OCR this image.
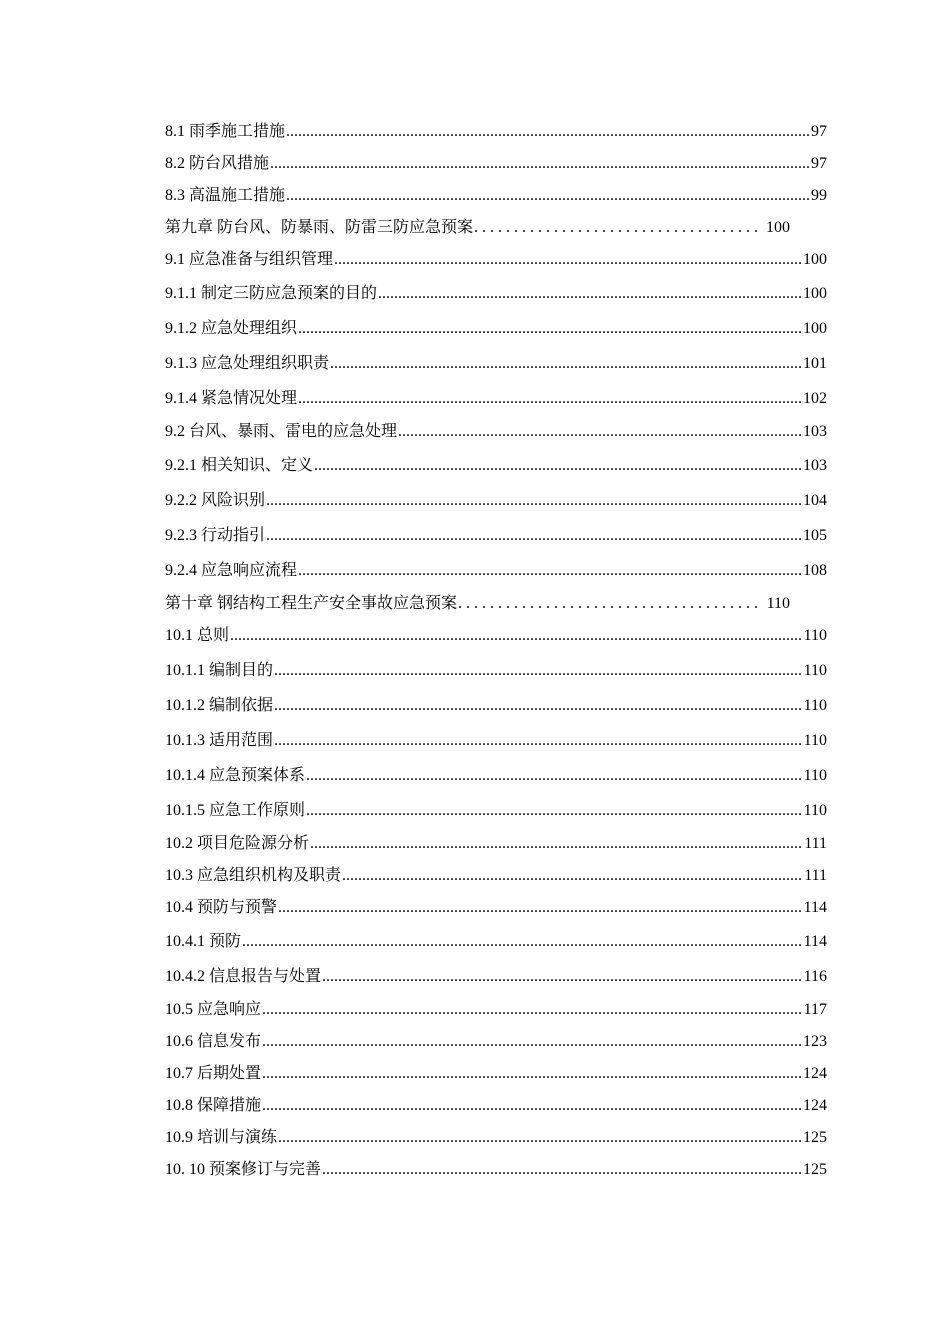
8.1 雨季施工措施 .....	97
8.2 防台风措施 .....	97
8.3 高温施工措施 .....	99
第九章 防台风、防暴雨、防雷三防应急预案 . . .	100
9.1 应急准备与组织管理 .....	100
9.1.1 制定三防应急预案的目的 .....	100
9.1.2 应急处理组织 .....	100
9.1.3 应急处理组织职责 .....	101
9.1.4 紧急情况处理 .....	102
9.2 台风、暴雨、雷电的应急处理 .....	103
9.2.1 相关知识、定义 .....	103
9.2.2 风险识别 .....	104
9.2.3 行动指引 .....	105
9.2.4 应急响应流程 .....	108
第十章 钢结构工程生产安全事故应急预案 . . .	110
10.1 总则 .....	110
10.1.1 编制目的 .....	110
10.1.2 编制依据 .....	110
10.1.3 适用范围 .....	110
10.1.4 应急预案体系 .....	110
10.1.5 应急工作原则 .....	110
10.2 项目危险源分析 .....	111
10.3 应急组织机构及职责 .....	111
10.4 预防与预警 .....	114
10.4.1 预防 .....	114
10.4.2 信息报告与处置 .....	116
10.5 应急响应 .....	117
10.6 信息发布 .....	123
10.7 后期处置 .....	124
10.8 保障措施 .....	124
10.9 培训与演练 .....	125
10. 10 预案修订与完善 .....	125
